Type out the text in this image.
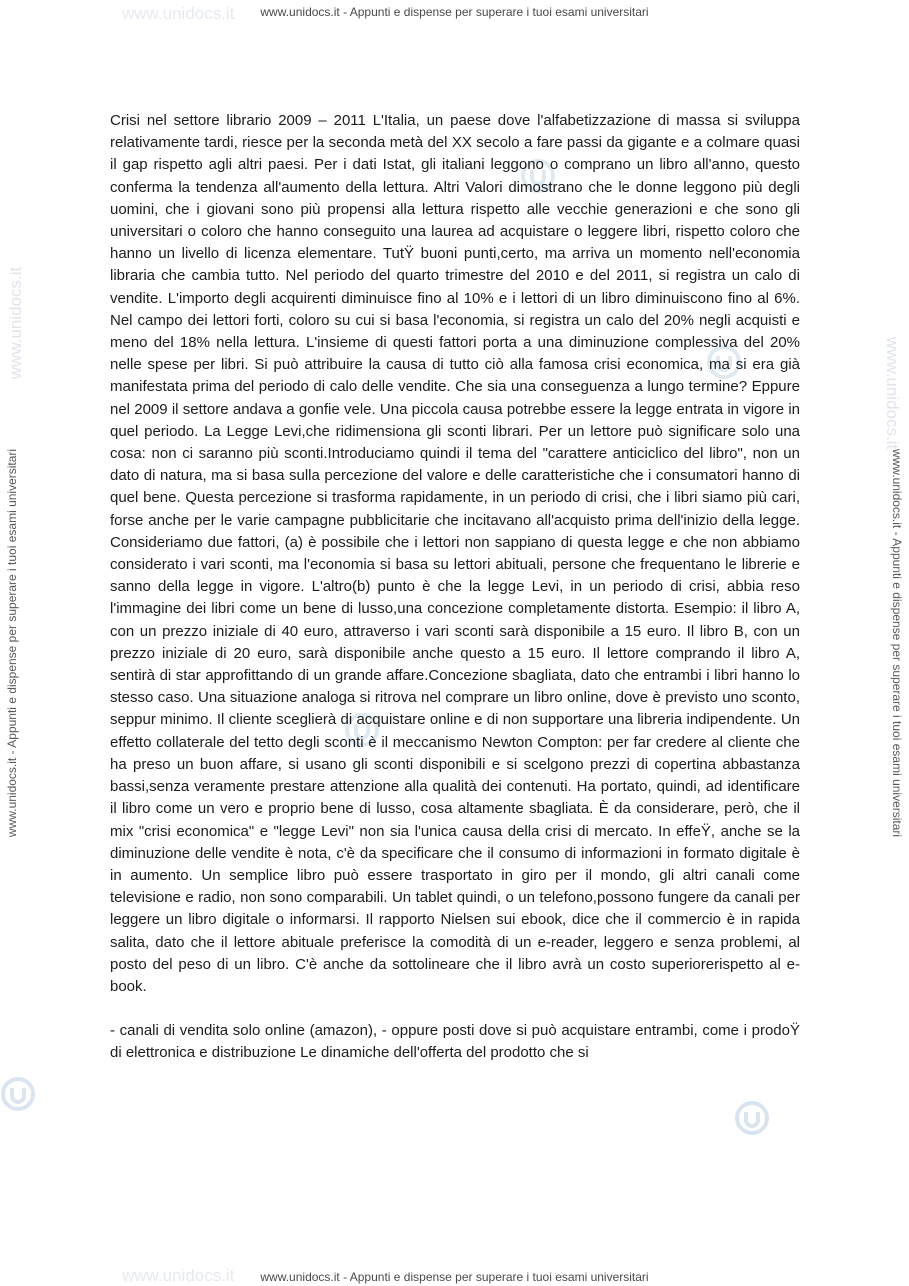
www.unidocs.it
www.unidocs.it
www.unidocs.it - Appunti e dispense per superare i tuoi esami universitari
www.unidocs.it - Appunti e dispense per superare i tuoi esami universitari
www.unidocs.it
www.unidocs.it - Appunti e dispense per superare i tuoi esami universitari	www.unidocs.it - Appunti e dispense per superare i tuoi esami universitari
www.unidocs.it

Crisi nel settore librario 2009 – 2011 L'Italia, un paese dove l'alfabetizzazione di massa si sviluppa relativamente tardi, riesce per la seconda metà del XX secolo a fare passi da gigante e a colmare quasi il gap rispetto agli altri paesi. Per i dati Istat, gli italiani leggono o comprano un libro all'anno, questo conferma la tendenza all'aumento della lettura. Altri Valori dimostrano che le donne leggono più degli uomini, che i giovani sono più propensi alla lettura rispetto alle vecchie generazioni e che sono gli universitari o coloro che hanno conseguito una laurea ad acquistare o leggere libri, rispetto coloro che hanno un livello di licenza elementare. TutŸ buoni punti,certo, ma arriva un momento nell'economia libraria che cambia tutto. Nel periodo del quarto trimestre del 2010 e del 2011, si registra un calo di vendite. L'importo degli acquirenti diminuisce fino al 10% e i lettori di un libro diminuiscono fino al 6%. Nel campo dei lettori forti, coloro su cui si basa l'economia, si registra un calo del 20% negli acquisti e meno del 18% nella lettura. L'insieme di questi fattori porta a una diminuzione complessiva del 20% nelle spese per libri. Si può attribuire la causa di tutto ciò alla famosa crisi economica, ma si era già manifestata prima del periodo di calo delle vendite. Che sia una conseguenza a lungo termine? Eppure nel 2009 il settore andava a gonfie vele. Una piccola causa potrebbe essere la legge entrata in vigore in quel periodo. La Legge Levi,che ridimensiona gli sconti librari. Per un lettore può significare solo una cosa: non ci saranno più sconti.Introduciamo quindi il tema del "carattere anticiclico del libro", non un dato di natura, ma si basa sulla percezione del valore e delle caratteristiche che i consumatori hanno di quel bene. Questa percezione si trasforma rapidamente, in un periodo di crisi, che i libri siamo più cari, forse anche per le varie campagne pubblicitarie che incitavano all'acquisto prima dell'inizio della legge. Consideriamo due fattori, (a) è possibile che i lettori non sappiano di questa legge e che non abbiamo considerato i vari sconti, ma l'economia si basa su lettori abituali, persone che frequentano le librerie e sanno della legge in vigore. L'altro(b) punto è che la legge Levi, in un periodo di crisi, abbia reso l'immagine dei libri come un bene di lusso,una concezione completamente distorta. Esempio: il libro A, con un prezzo iniziale di 40 euro, attraverso i vari sconti sarà disponibile a 15 euro. Il libro B, con un prezzo iniziale di 20 euro, sarà disponibile anche questo a 15 euro. Il lettore comprando il libro A, sentirà di star approfittando di un grande affare.Concezione sbagliata, dato che entrambi i libri hanno lo stesso caso. Una situazione analoga si ritrova nel comprare un libro online, dove è previsto uno sconto, seppur minimo. Il cliente sceglierà di acquistare online e di non supportare una libreria indipendente. Un effetto collaterale del tetto degli sconti è il meccanismo Newton Compton: per far credere al cliente che ha preso un buon affare, si usano gli sconti disponibili e si scelgono prezzi di copertina abbastanza bassi,senza veramente prestare attenzione alla qualità dei contenuti. Ha portato, quindi, ad identificare il libro come un vero e proprio bene di lusso, cosa altamente sbagliata. È da considerare, però, che il mix "crisi economica" e "legge Levi" non sia l'unica causa della crisi di mercato. In effeŸ, anche se la diminuzione delle vendite è nota, c'è da specificare che il consumo di informazioni in formato digitale è in aumento. Un semplice libro può essere trasportato in giro per il mondo, gli altri canali come televisione e radio, non sono comparabili. Un tablet quindi, o un telefono,possono fungere da canali per leggere un libro digitale o informarsi. Il rapporto Nielsen sui ebook, dice che il commercio è in rapida salita, dato che il lettore abituale preferisce la comodità di un e-reader, leggero e senza problemi, al posto del peso di un libro. C'è anche da sottolineare che il libro avrà un costo superiorerispetto al e-book.

- canali di vendita solo online (amazon), - oppure posti dove si può acquistare entrambi, come i prodoŸ di elettronica e distribuzione Le dinamiche dell'offerta del prodotto che si
